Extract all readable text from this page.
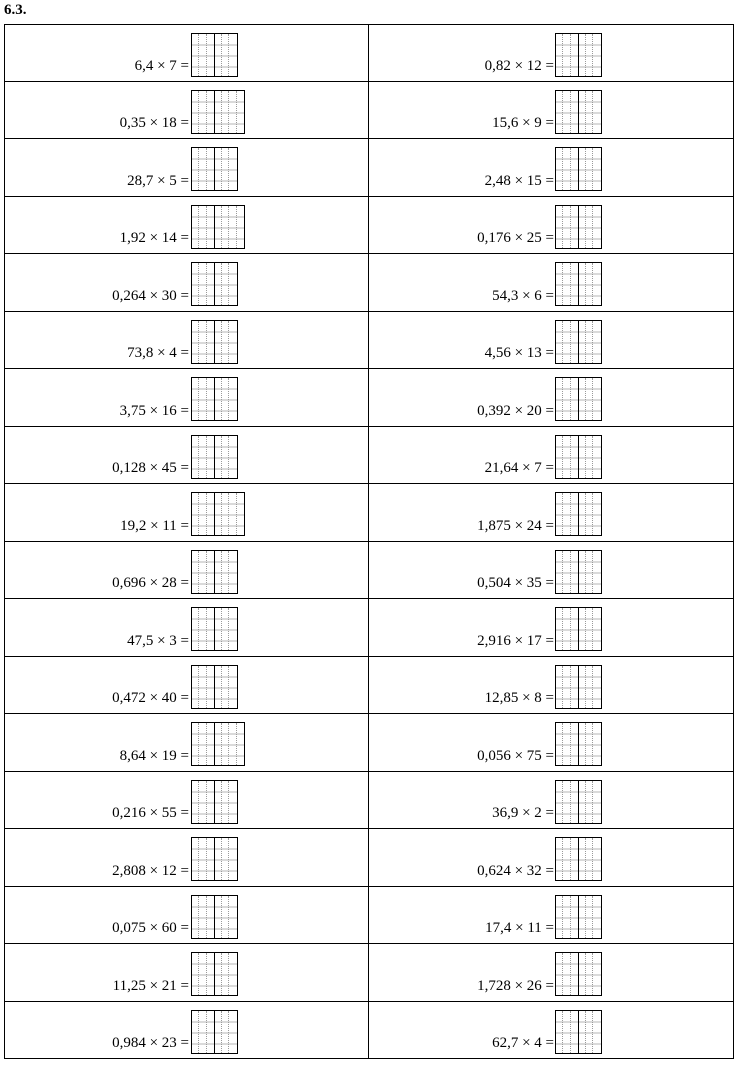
6.3.
6,4 × 7 =	0,82 × 12 =
0,35 × 18 =	15,6 × 9 =
28,7 × 5 =	2,48 × 15 =
1,92 × 14 =	0,176 × 25 =
0,264 × 30 =	54,3 × 6 =
73,8 × 4 =	4,56 × 13 =
3,75 × 16 =	0,392 × 20 =
0,128 × 45 =	21,64 × 7 =
19,2 × 11 =	1,875 × 24 =
0,696 × 28 =	0,504 × 35 =
47,5 × 3 =	2,916 × 17 =
0,472 × 40 =	12,85 × 8 =
8,64 × 19 =	0,056 × 75 =
0,216 × 55 =	36,9 × 2 =
2,808 × 12 =	0,624 × 32 =
0,075 × 60 =	17,4 × 11 =
11,25 × 21 =	1,728 × 26 =
0,984 × 23 =	62,7 × 4 =
